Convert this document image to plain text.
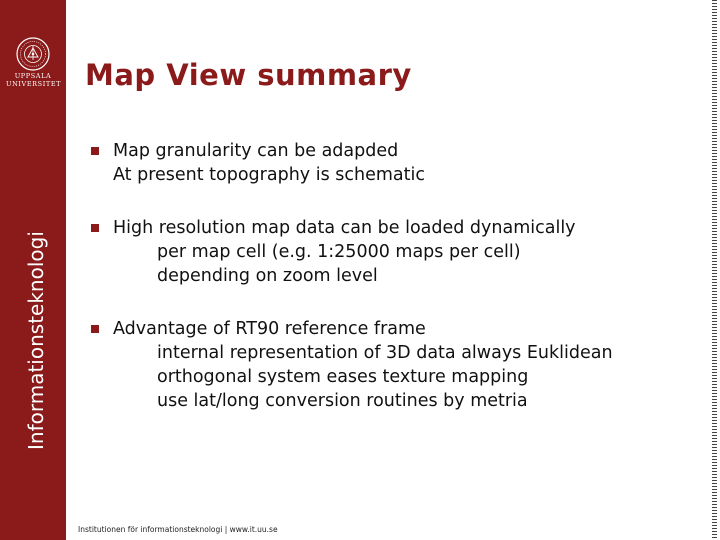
UPPSALA
UNIVERSITET
Informationsteknologi
Map View summary
Map granularity can be adapded
At present topography is schematic
High resolution map data can be loaded dynamically
per map cell (e.g. 1:25000 maps per cell)
depending on zoom level
Advantage of RT90 reference frame
internal representation of 3D data always Euklidean
orthogonal system eases texture mapping
use lat/long conversion routines by metria
Institutionen för informationsteknologi | www.it.uu.se
